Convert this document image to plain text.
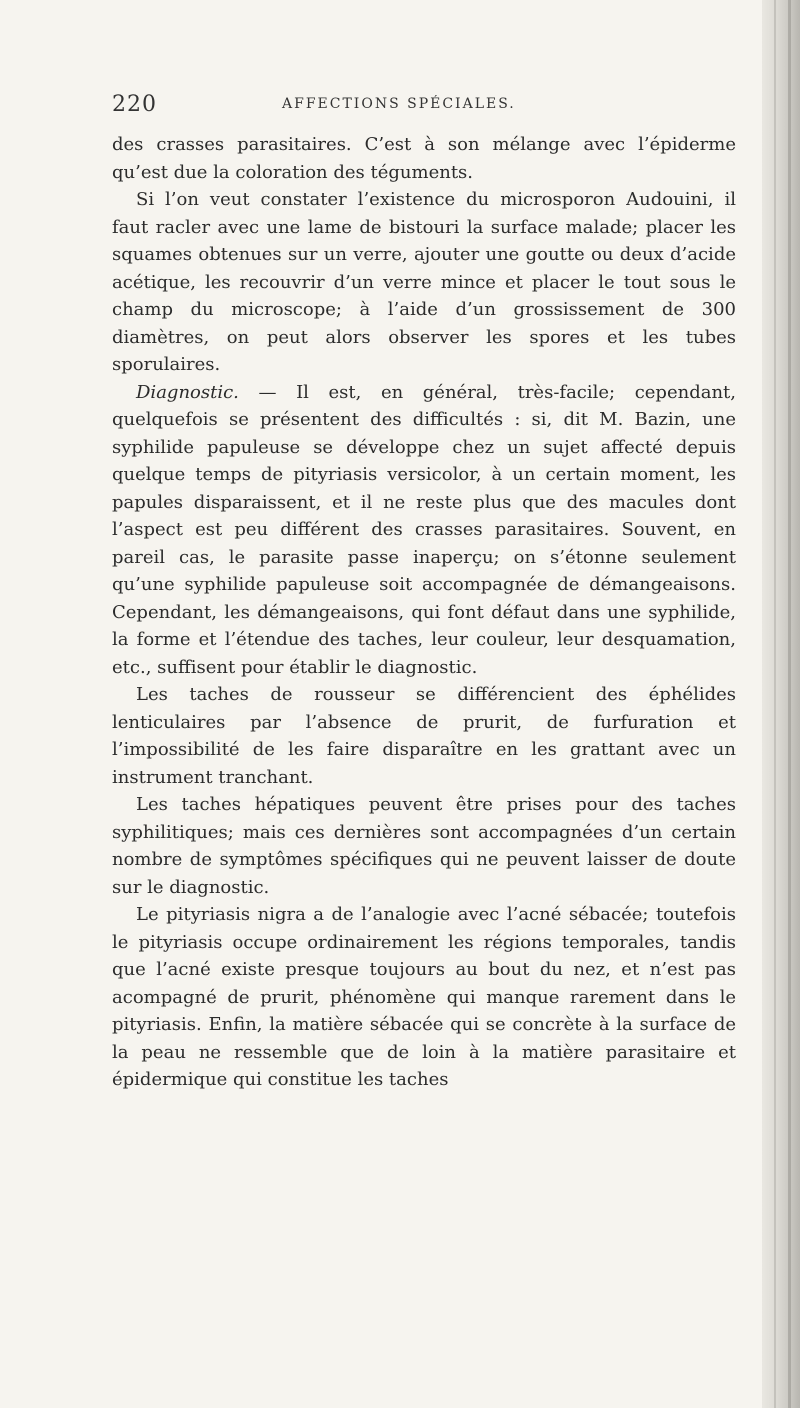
220	AFFECTIONS SPÉCIALES.

des crasses parasitaires. C’est à son mélange avec l’épiderme qu’est due la coloration des téguments.

Si l’on veut constater l’existence du microsporon Audouini, il faut racler avec une lame de bistouri la surface malade; placer les squames obtenues sur un verre, ajouter une goutte ou deux d’acide acétique, les recouvrir d’un verre mince et placer le tout sous le champ du microscope; à l’aide d’un grossissement de 300 diamètres, on peut alors observer les spores et les tubes sporulaires.

Diagnostic. — Il est, en général, très-facile; cependant, quelquefois se présentent des difficultés : si, dit M. Bazin, une syphilide papuleuse se développe chez un sujet affecté depuis quelque temps de pityriasis versicolor, à un certain moment, les papules disparaissent, et il ne reste plus que des macules dont l’aspect est peu différent des crasses parasitaires. Souvent, en pareil cas, le parasite passe inaperçu; on s’étonne seulement qu’une syphilide papuleuse soit accompagnée de démangeaisons. Cependant, les démangeaisons, qui font défaut dans une syphilide, la forme et l’étendue des taches, leur couleur, leur desquamation, etc., suffisent pour établir le diagnostic.

Les taches de rousseur se différencient des éphélides lenticulaires par l’absence de prurit, de furfuration et l’impossibilité de les faire disparaître en les grattant avec un instrument tranchant.

Les taches hépatiques peuvent être prises pour des taches syphilitiques; mais ces dernières sont accompagnées d’un certain nombre de symptômes spécifiques qui ne peuvent laisser de doute sur le diagnostic.

Le pityriasis nigra a de l’analogie avec l’acné sébacée; toutefois le pityriasis occupe ordinairement les régions temporales, tandis que l’acné existe presque toujours au bout du nez, et n’est pas acompagné de prurit, phénomène qui manque rarement dans le pityriasis. Enfin, la matière sébacée qui se concrète à la surface de la peau ne ressemble que de loin à la matière parasitaire et épidermique qui constitue les taches
